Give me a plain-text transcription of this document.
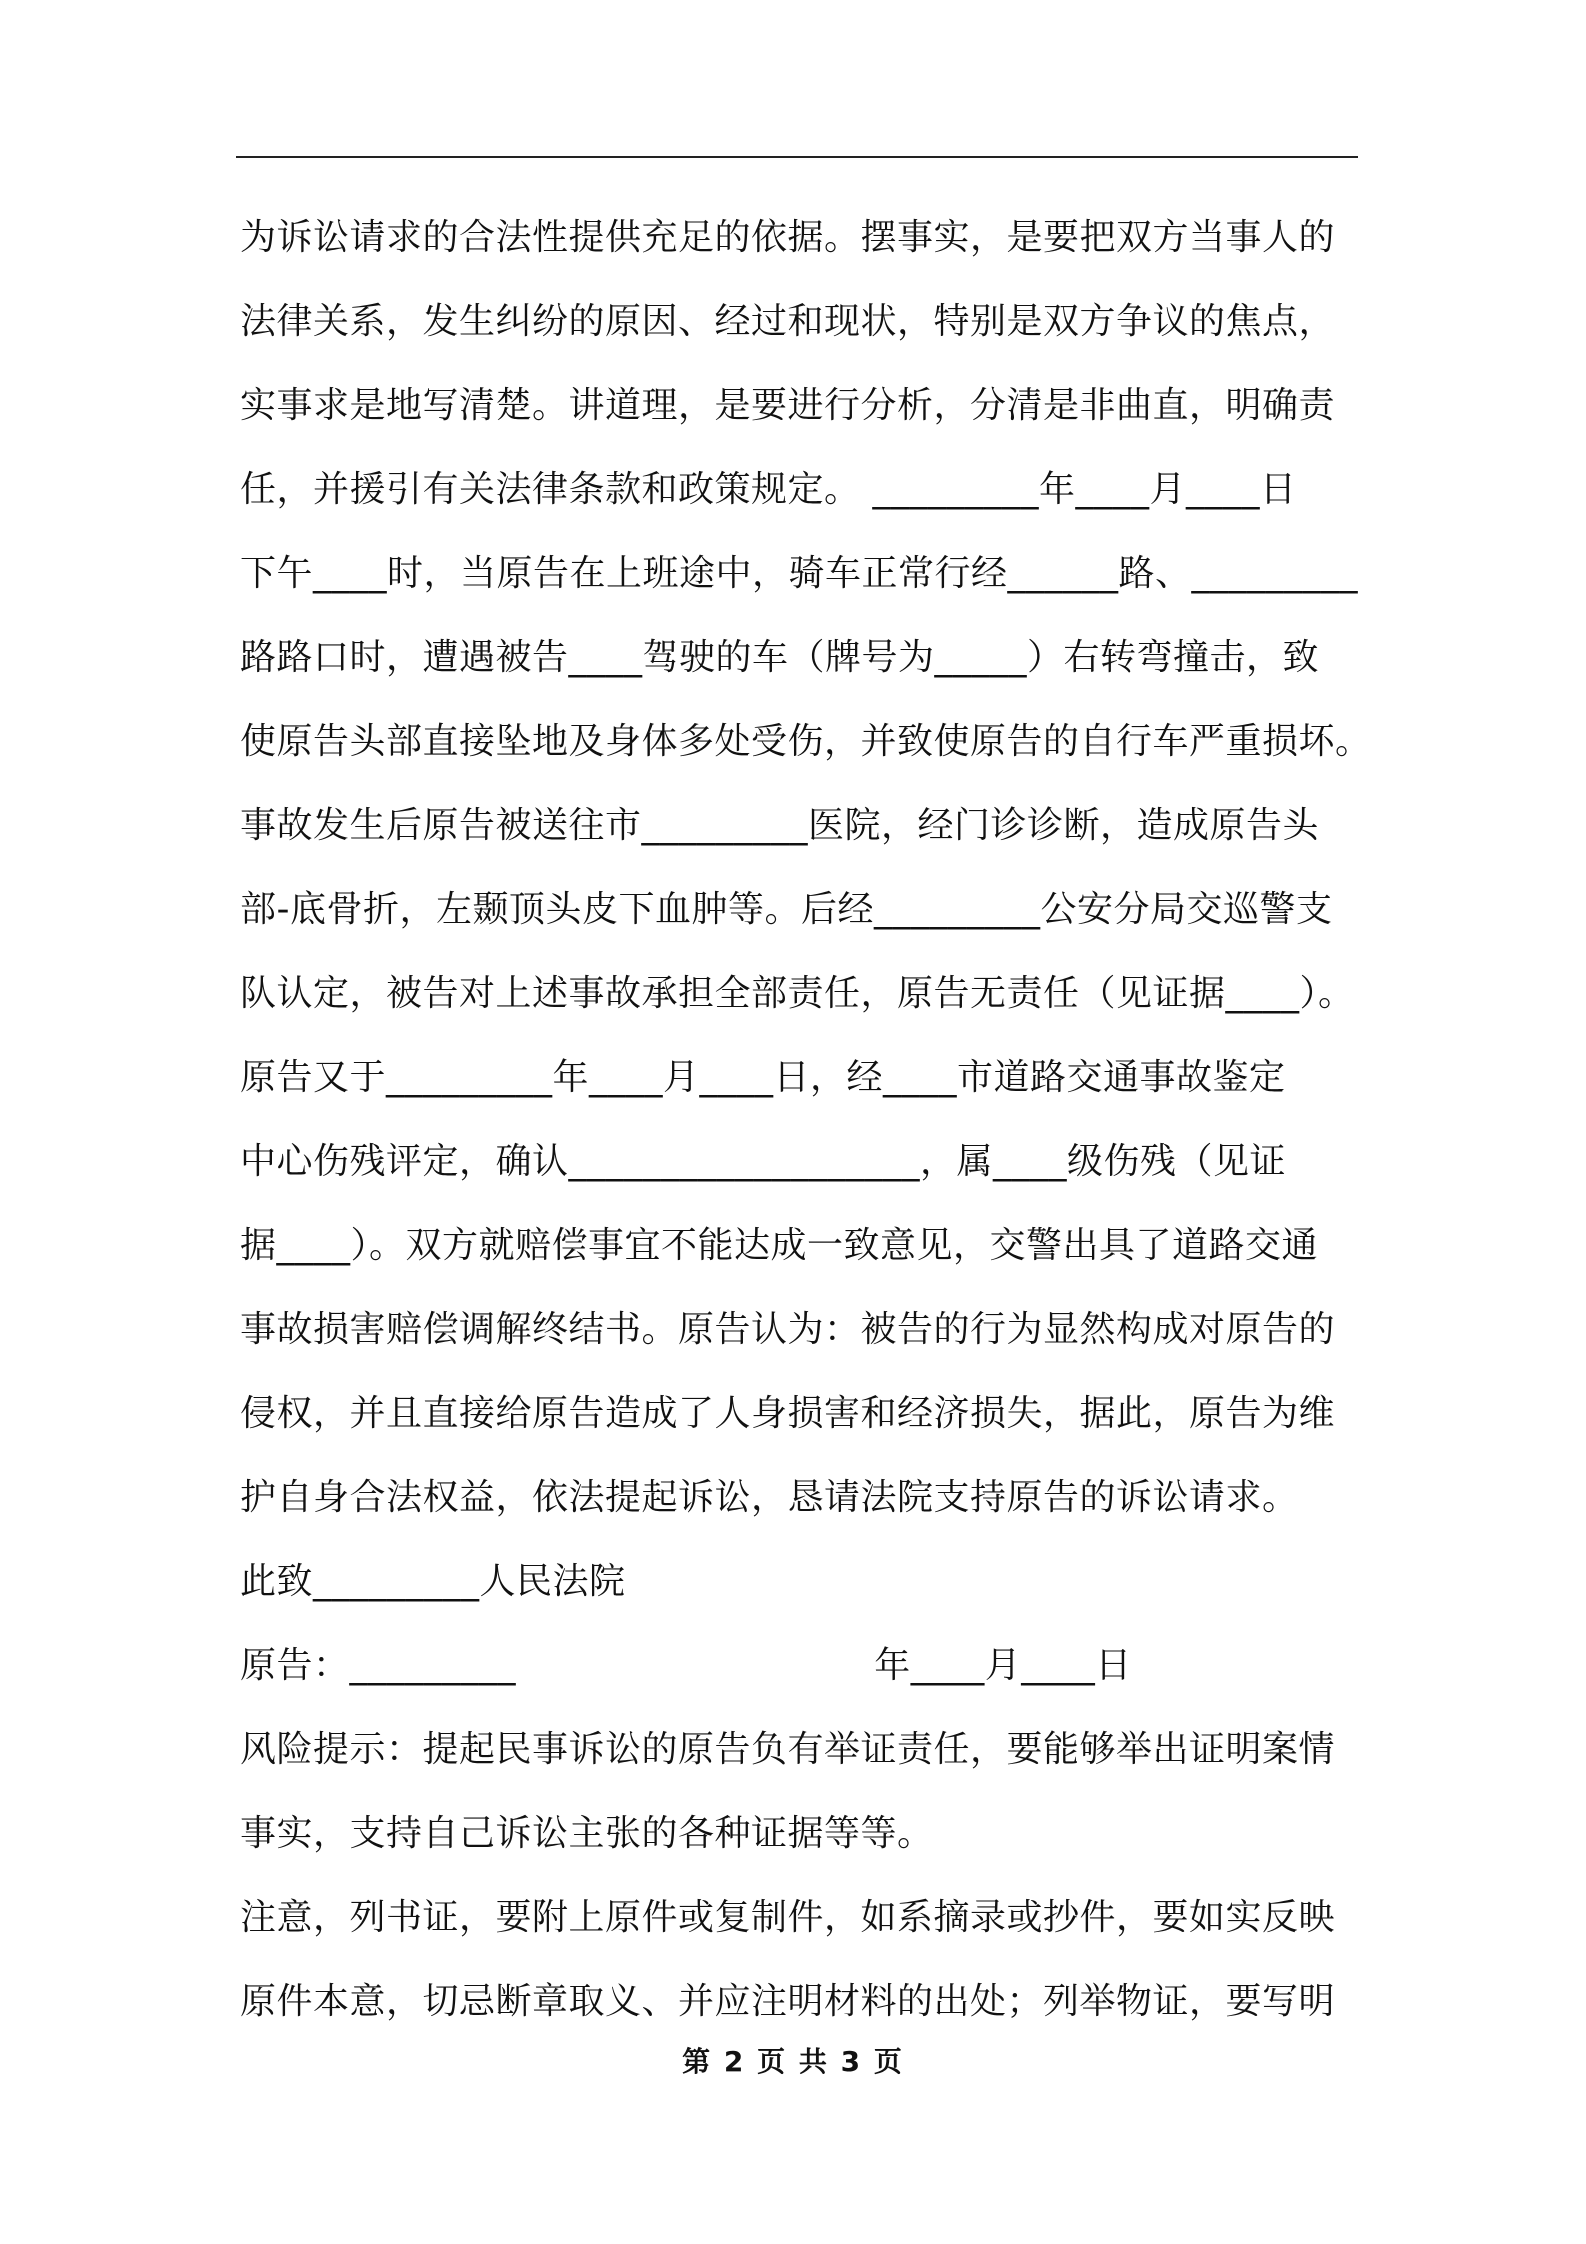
为诉讼请求的合法性提供充足的依据。摆事实，是要把双方当事人的
法律关系，发生纠纷的原因、经过和现状，特别是双方争议的焦点，
实事求是地写清楚。讲道理，是要进行分析，分清是非曲直，明确责
任，并援引有关法律条款和政策规定。 _________年____月____日
下午____时，当原告在上班途中，骑车正常行经______路、_________
路路口时，遭遇被告____驾驶的车（牌号为_____）右转弯撞击，致
使原告头部直接坠地及身体多处受伤，并致使原告的自行车严重损坏。
事故发生后原告被送往市_________医院，经门诊诊断，造成原告头
部-底骨折，左颞顶头皮下血肿等。后经_________公安分局交巡警支
队认定，被告对上述事故承担全部责任，原告无责任（见证据____）。
原告又于_________年____月____日，经____市道路交通事故鉴定
中心伤残评定，确认___________________，属____级伤残（见证
据____）。双方就赔偿事宜不能达成一致意见，交警出具了道路交通
事故损害赔偿调解终结书。原告认为：被告的行为显然构成对原告的
侵权，并且直接给原告造成了人身损害和经济损失，据此，原告为维
护自身合法权益，依法提起诉讼，恳请法院支持原告的诉讼请求。
此致_________人民法院
原告：_________                              年____月____日
风险提示：提起民事诉讼的原告负有举证责任，要能够举出证明案情
事实，支持自己诉讼主张的各种证据等等。
注意，列书证，要附上原件或复制件，如系摘录或抄件，要如实反映
原件本意，切忌断章取义、并应注明材料的出处；列举物证，要写明
第 2 页 共 3 页
